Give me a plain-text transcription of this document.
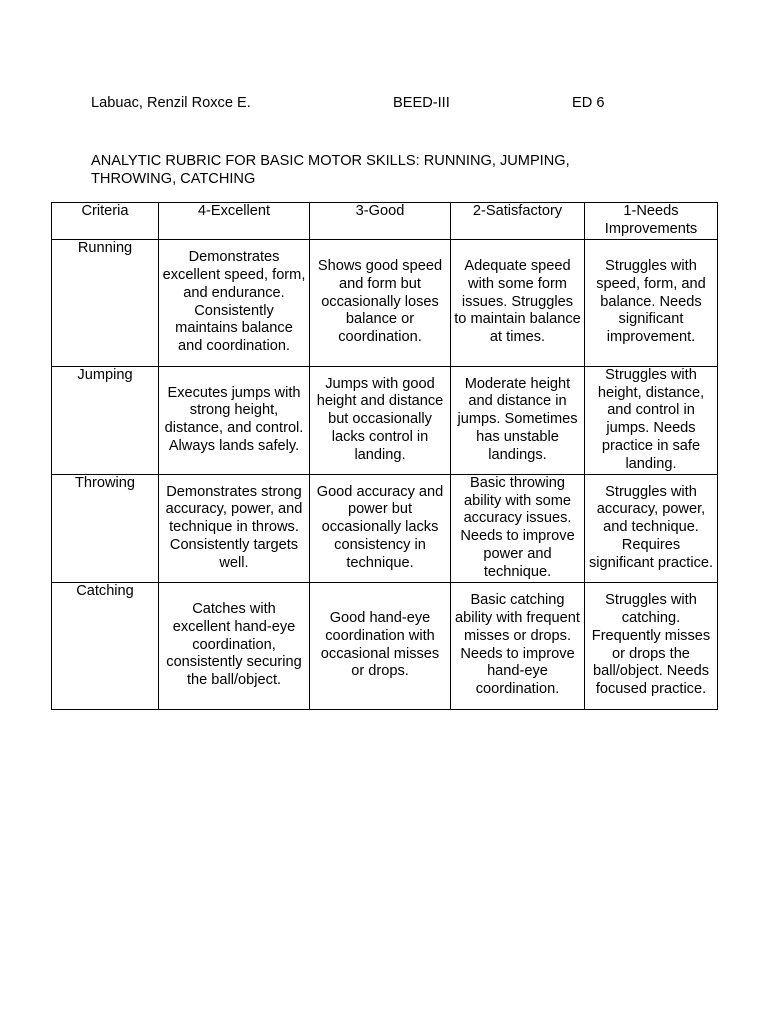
Labuac, Renzil Roxce E.	BEED-III	ED 6
ANALYTIC RUBRIC FOR BASIC MOTOR SKILLS: RUNNING, JUMPING,
THROWING, CATCHING
Criteria	4-Excellent	3-Good	2-Satisfactory	1-Needs Improvements
Running	Demonstrates excellent speed, form, and endurance. Consistently maintains balance and coordination.	Shows good speed and form but occasionally loses balance or coordination.	Adequate speed with some form issues. Struggles to maintain balance at times.	Struggles with speed, form, and balance. Needs significant improvement.
Jumping	Executes jumps with strong height, distance, and control. Always lands safely.	Jumps with good height and distance but occasionally lacks control in landing.	Moderate height and distance in jumps. Sometimes has unstable landings.	Struggles with height, distance, and control in jumps. Needs practice in safe landing.
Throwing	Demonstrates strong accuracy, power, and technique in throws. Consistently targets well.	Good accuracy and power but occasionally lacks consistency in technique.	Basic throwing ability with some accuracy issues. Needs to improve power and technique.	Struggles with accuracy, power, and technique. Requires significant practice.
Catching	Catches with excellent hand-eye coordination, consistently securing the ball/object.	Good hand-eye coordination with occasional misses or drops.	Basic catching ability with frequent misses or drops. Needs to improve hand-eye coordination.	Struggles with catching. Frequently misses or drops the ball/object. Needs focused practice.
